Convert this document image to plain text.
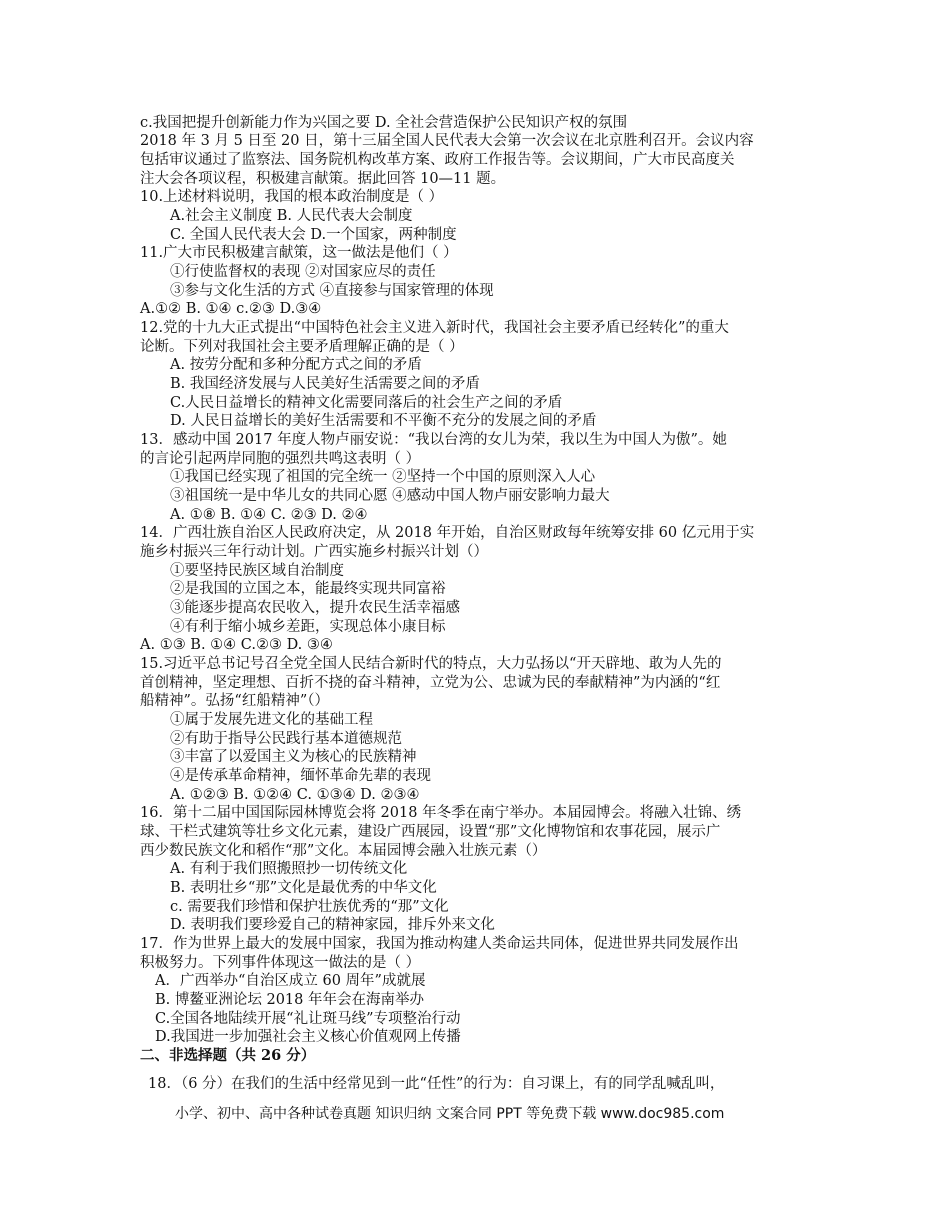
c.我国把提升创新能力作为兴国之要 D. 全社会营造保护公民知识产权的氛围
2018 年 3 月 5 日至 20 日，第十三届全国人民代表大会第一次会议在北京胜利召开。会议内容
包括审议通过了监察法、国务院机构改革方案、政府工作报告等。会议期间，广大市民高度关
注大会各项议程，积极建言献策。据此回答 10—11 题。
10.上述材料说明，我国的根本政治制度是（ ）
A.社会主义制度 B. 人民代表大会制度
C. 全国人民代表大会 D.一个国家，两种制度
11.广大市民积极建言献策，这一做法是他们（ ）
①行使监督权的表现 ②对国家应尽的责任
③参与文化生活的方式 ④直接参与国家管理的体现
A.①② B. ①④ c.②③ D.③④
12.党的十九大正式提出“中国特色社会主义进入新时代，我国社会主要矛盾已经转化”的重大
论断。下列对我国社会主要矛盾理解正确的是（ ）
A. 按劳分配和多种分配方式之间的矛盾
B. 我国经济发展与人民美好生活需要之间的矛盾
C.人民日益增长的精神文化需要同落后的社会生产之间的矛盾
D. 人民日益增长的美好生活需要和不平衡不充分的发展之间的矛盾
13．感动中国 2017 年度人物卢丽安说：“我以台湾的女儿为荣，我以生为中国人为傲”。她
的言论引起两岸同胞的强烈共鸣这表明（ ）
①我国已经实现了祖国的完全统一 ②坚持一个中国的原则深入人心
③祖国统一是中华儿女的共同心愿 ④感动中国人物卢丽安影响力最大
A. ①⑧ B. ①④ C. ②③ D. ②④
14．广西壮族自治区人民政府决定，从 2018 年开始，自治区财政每年统筹安排 60 亿元用于实
施乡村振兴三年行动计划。广西实施乡村振兴计划（）
①要坚持民族区域自治制度
②是我国的立国之本，能最终实现共同富裕
③能逐步提高农民收入，提升农民生活幸福感
④有利于缩小城乡差距，实现总体小康目标
A. ①③ B. ①④ C.②③ D. ③④
15.习近平总书记号召全党全国人民结合新时代的特点，大力弘扬以“开天辟地、敢为人先的
首创精神，坚定理想、百折不挠的奋斗精神，立党为公、忠诚为民的奉献精神”为内涵的“红
船精神”。弘扬“红船精神”（）
①属于发展先进文化的基础工程
②有助于指导公民践行基本道德规范
③丰富了以爱国主义为核心的民族精神
④是传承革命精神，缅怀革命先辈的表现
A. ①②③ B. ①②④ C. ①③④ D. ②③④
16．第十二届中国国际园林博览会将 2018 年冬季在南宁举办。本届园博会。将融入壮锦、绣
球、干栏式建筑等壮乡文化元素，建设广西展园，设置“那”文化博物馆和农事花园，展示广
西少数民族文化和稻作“那”文化。本届园博会融入壮族元素（）
A. 有利于我们照搬照抄一切传统文化
B. 表明壮乡“那”文化是最优秀的中华文化
c. 需要我们珍惜和保护壮族优秀的“那”文化
D. 表明我们要珍爱自己的精神家园，排斥外来文化
17．作为世界上最大的发展中国家，我国为推动构建人类命运共同体，促进世界共同发展作出
积极努力。下列事件体现这一做法的是（ ）
A．广西举办“自治区成立 60 周年”成就展
B. 博鳌亚洲论坛 2018 年年会在海南举办
C.全国各地陆续开展“礼让斑马线”专项整治行动
D.我国进一步加强社会主义核心价值观网上传播
二、非选择题（共 26 分）
18．（6 分）在我们的生活中经常见到一此“任性”的行为：自习课上，有的同学乱喊乱叫，
小学、初中、高中各种试卷真题 知识归纳 文案合同 PPT 等免费下载 www.doc985.com
